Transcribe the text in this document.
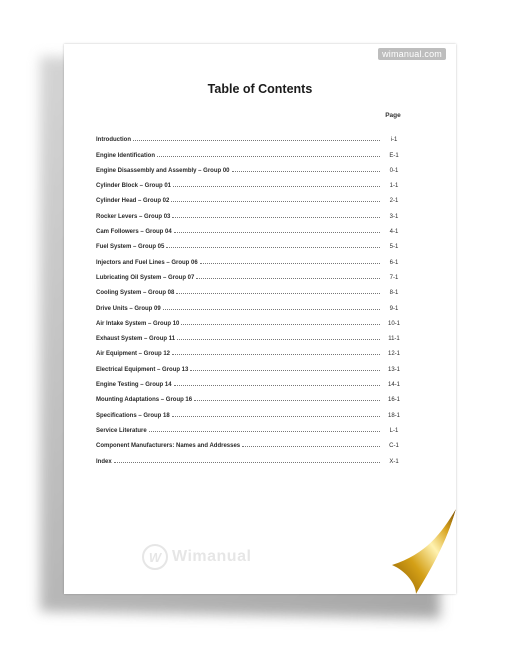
wimanual.com
Table of Contents
Page
Introduction	i-1
Engine Identification	E-1
Engine Disassembly and Assembly – Group 00	0-1
Cylinder Block – Group 01	1-1
Cylinder Head – Group 02	2-1
Rocker Levers – Group 03	3-1
Cam Followers – Group 04	4-1
Fuel System – Group 05	5-1
Injectors and Fuel Lines – Group 06	6-1
Lubricating Oil System – Group 07	7-1
Cooling System – Group 08	8-1
Drive Units – Group 09	9-1
Air Intake System – Group 10	10-1
Exhaust System – Group 11	11-1
Air Equipment – Group 12	12-1
Electrical Equipment – Group 13	13-1
Engine Testing – Group 14	14-1
Mounting Adaptations – Group 16	16-1
Specifications – Group 18	18-1
Service Literature	L-1
Component Manufacturers: Names and Addresses	C-1
Index	X-1
W Wimanual
